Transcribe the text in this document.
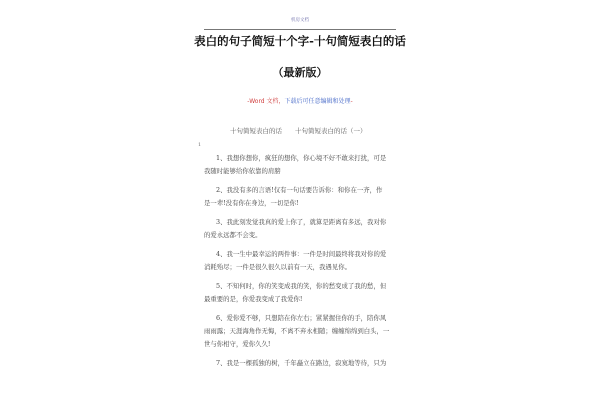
机房文档
表白的句子简短十个字-十句简短表白的话
（最新版）
-Word 文档，下载后可任意编辑和处理-
十句简短表白的话　　十句简短表白的话（一）
1
1、我想你想你，疯狂的想你，你心境不好不敢来打扰，可是
我随时能够给你依靠的肩膀
2、我没有多的言语!仅有一句话要告诉你：和你在一齐，作
是一辈!没有你在身边，一切是你!
3、我此刻发觉我真的爱上你了，就算是距离有多远，我对你
的爱永远都不会变。
4、我一生中最幸运的两件事：一件是时间最终将我对你的爱
消耗殆尽；一件是很久很久以前有一天，我遇见你。
5、不知何时，你的笑变成我的笑，你的愁变成了我的愁，但
最重要的是，你爱我变成了我爱你!
6、爱你爱不够，只想陪在你左右；紧紧握住你的手，陪你风
雨雨露；天涯海角作无悔，不离不弃永相随；缠缠绵绵到白头，一
世与你相守，爱你久久!
7、我是一棵孤独的树，千年矗立在路边，寂寞地等待，只为
